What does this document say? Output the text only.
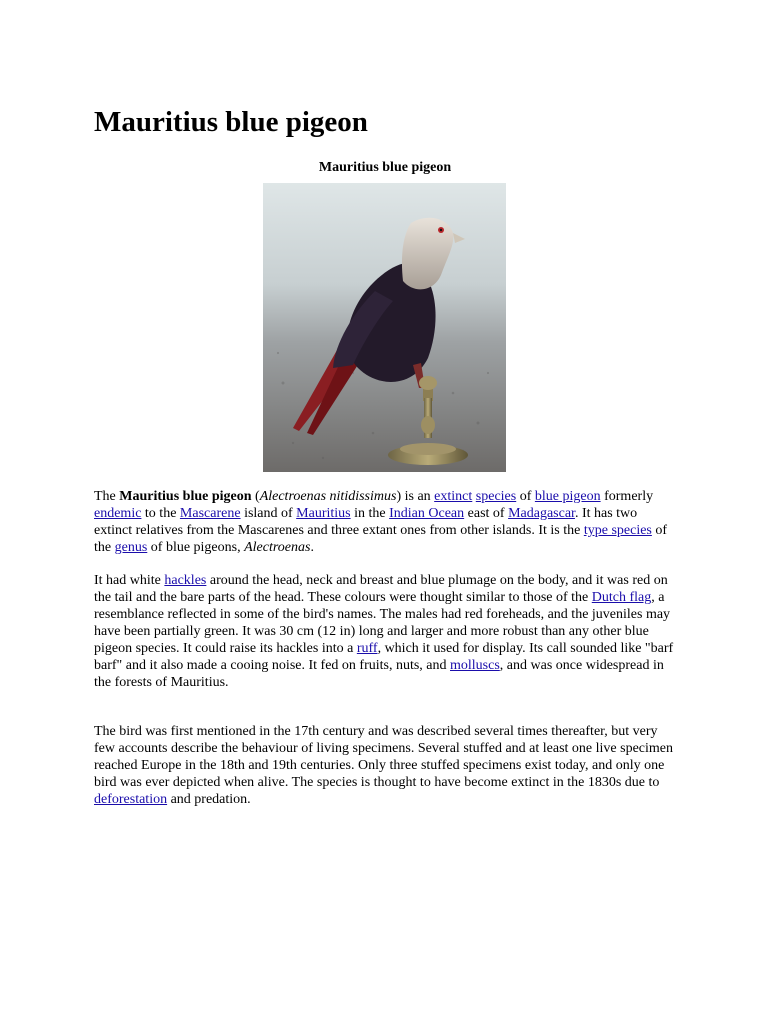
Mauritius blue pigeon
Mauritius blue pigeon

The Mauritius blue pigeon (Alectroenas nitidissimus) is an extinct species of blue pigeon formerly endemic to the Mascarene island of Mauritius in the Indian Ocean east of Madagascar. It has two extinct relatives from the Mascarenes and three extant ones from other islands. It is the type species of the genus of blue pigeons, Alectroenas.

It had white hackles around the head, neck and breast and blue plumage on the body, and it was red on the tail and the bare parts of the head. These colours were thought similar to those of the Dutch flag, a resemblance reflected in some of the bird's names. The males had red foreheads, and the juveniles may have been partially green. It was 30 cm (12 in) long and larger and more robust than any other blue pigeon species. It could raise its hackles into a ruff, which it used for display. Its call sounded like "barf barf" and it also made a cooing noise. It fed on fruits, nuts, and molluscs, and was once widespread in the forests of Mauritius.

The bird was first mentioned in the 17th century and was described several times thereafter, but very few accounts describe the behaviour of living specimens. Several stuffed and at least one live specimen reached Europe in the 18th and 19th centuries. Only three stuffed specimens exist today, and only one bird was ever depicted when alive. The species is thought to have become extinct in the 1830s due to deforestation and predation.
